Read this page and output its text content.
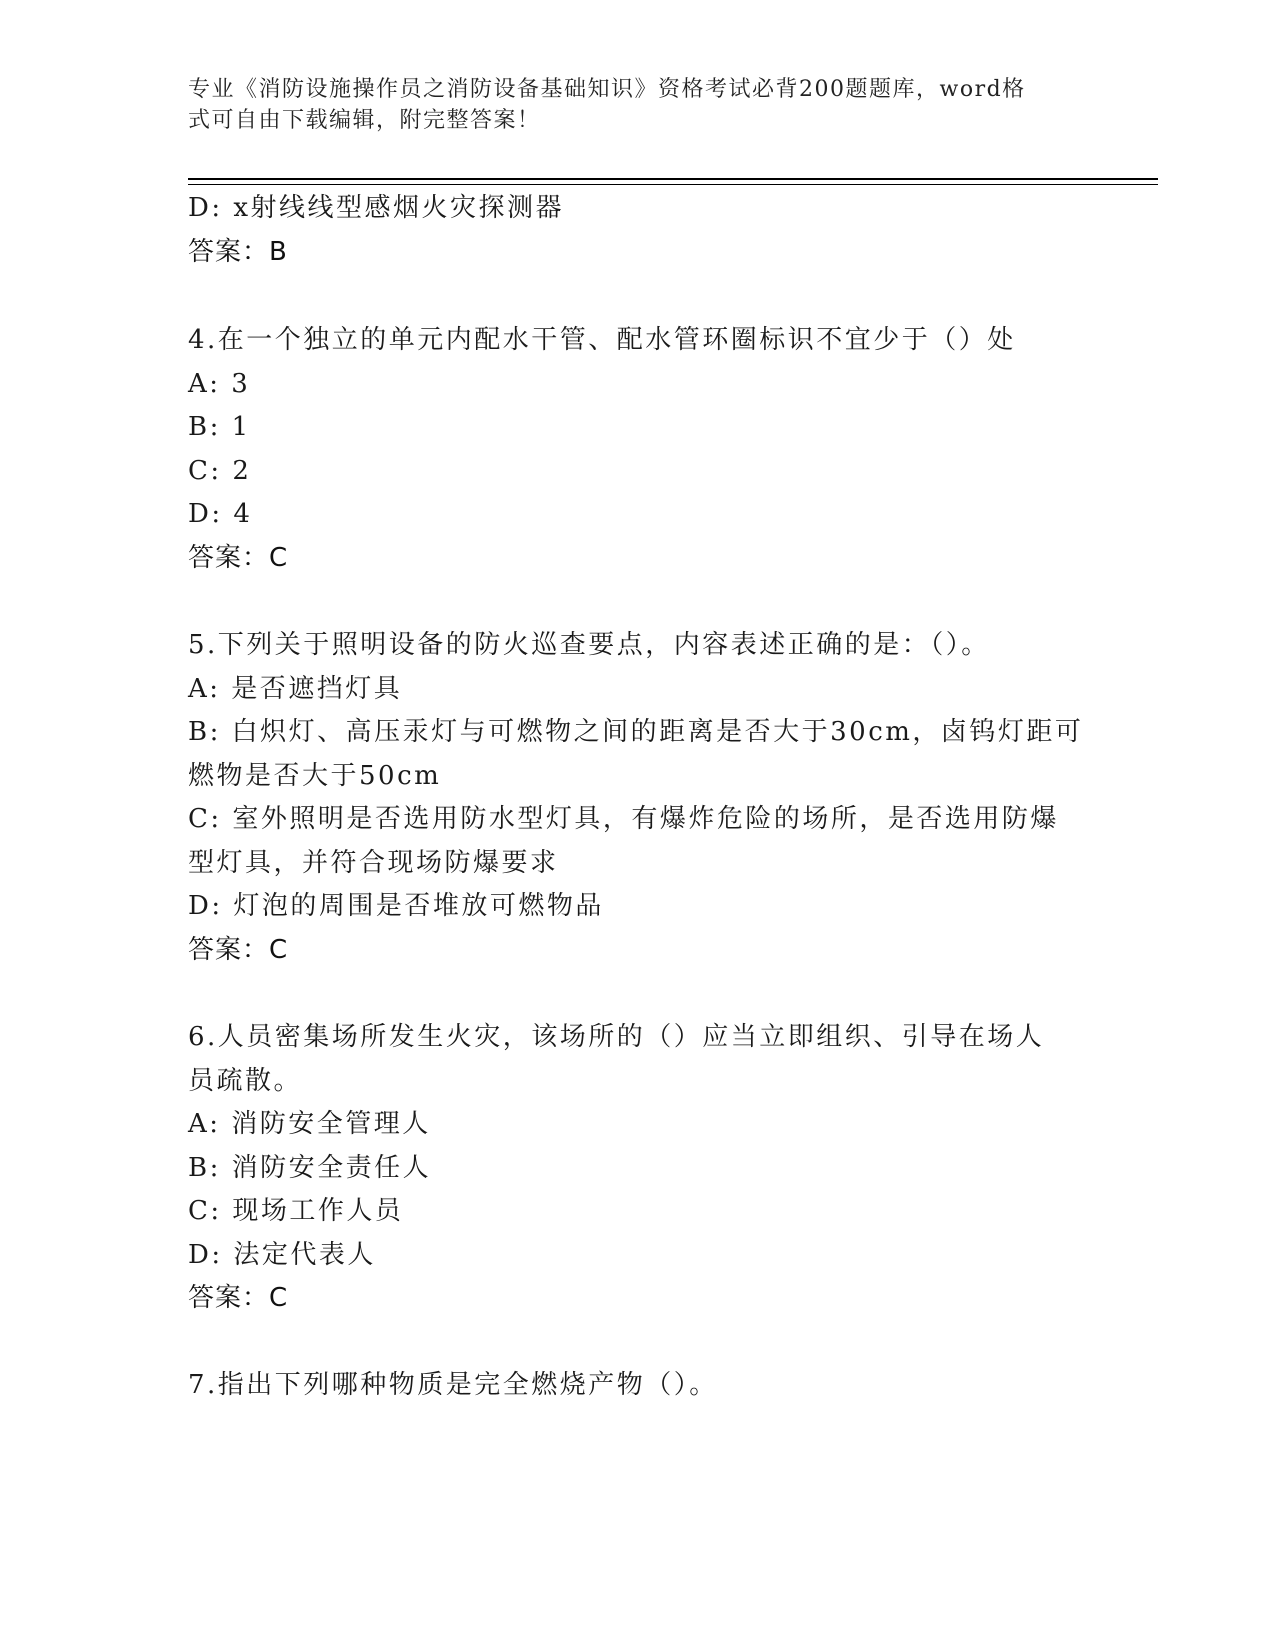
专业《消防设施操作员之消防设备基础知识》资格考试必背200题题库，word格
式可自由下载编辑，附完整答案！
D: x射线线型感烟火灾探测器
答案：B
4.在一个独立的单元内配水干管、配水管环圈标识不宜少于（）处
A: 3
B: 1
C: 2
D: 4
答案：C
5.下列关于照明设备的防火巡查要点，内容表述正确的是：（）。
A: 是否遮挡灯具
B: 白炽灯、高压汞灯与可燃物之间的距离是否大于30cm，卤钨灯距可
燃物是否大于50cm
C: 室外照明是否选用防水型灯具，有爆炸危险的场所，是否选用防爆
型灯具，并符合现场防爆要求
D: 灯泡的周围是否堆放可燃物品
答案：C
6.人员密集场所发生火灾，该场所的（）应当立即组织、引导在场人
员疏散。
A: 消防安全管理人
B: 消防安全责任人
C: 现场工作人员
D: 法定代表人
答案：C
7.指出下列哪种物质是完全燃烧产物（）。
